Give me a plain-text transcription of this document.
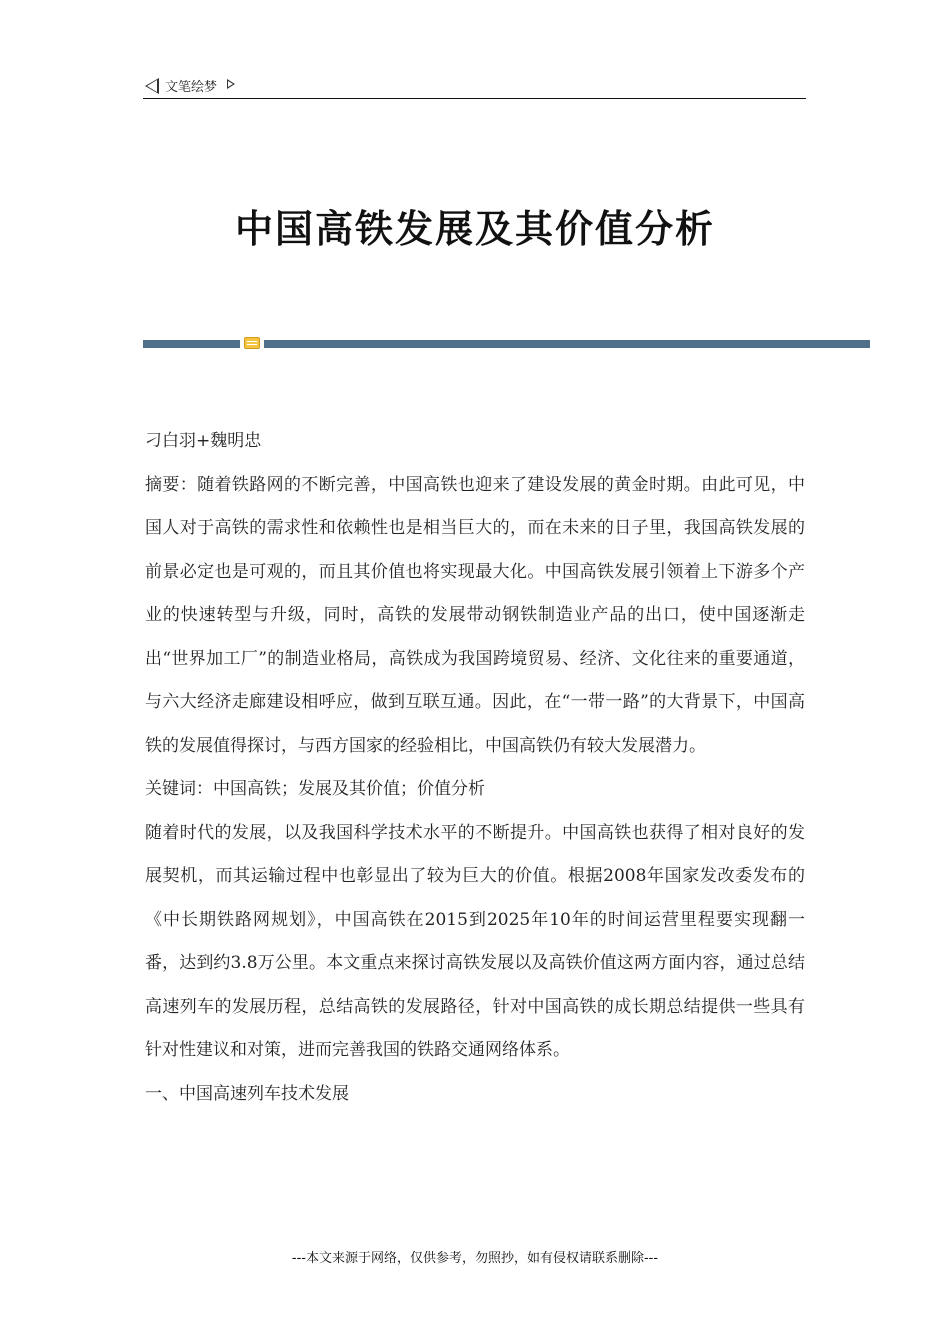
文笔绘梦
中国高铁发展及其价值分析

刁白羽+魏明忠

摘要：随着铁路网的不断完善，中国高铁也迎来了建设发展的黄金时期。由此可见，中国人对于高铁的需求性和依赖性也是相当巨大的，而在未来的日子里，我国高铁发展的前景必定也是可观的，而且其价值也将实现最大化。中国高铁发展引领着上下游多个产业的快速转型与升级，同时，高铁的发展带动钢铁制造业产品的出口，使中国逐渐走出“世界加工厂”的制造业格局，高铁成为我国跨境贸易、经济、文化往来的重要通道，与六大经济走廊建设相呼应，做到互联互通。因此，在“一带一路”的大背景下，中国高铁的发展值得探讨，与西方国家的经验相比，中国高铁仍有较大发展潜力。

关键词：中国高铁；发展及其价值；价值分析

随着时代的发展，以及我国科学技术水平的不断提升。中国高铁也获得了相对良好的发展契机，而其运输过程中也彰显出了较为巨大的价值。根据2008年国家发改委发布的《中长期铁路网规划》，中国高铁在2015到2025年10年的时间运营里程要实现翻一番，达到约3.8万公里。本文重点来探讨高铁发展以及高铁价值这两方面内容，通过总结高速列车的发展历程，总结高铁的发展路径，针对中国高铁的成长期总结提供一些具有针对性建议和对策，进而完善我国的铁路交通网络体系。

一、中国高速列车技术发展

---本文来源于网络，仅供参考，勿照抄，如有侵权请联系删除---
